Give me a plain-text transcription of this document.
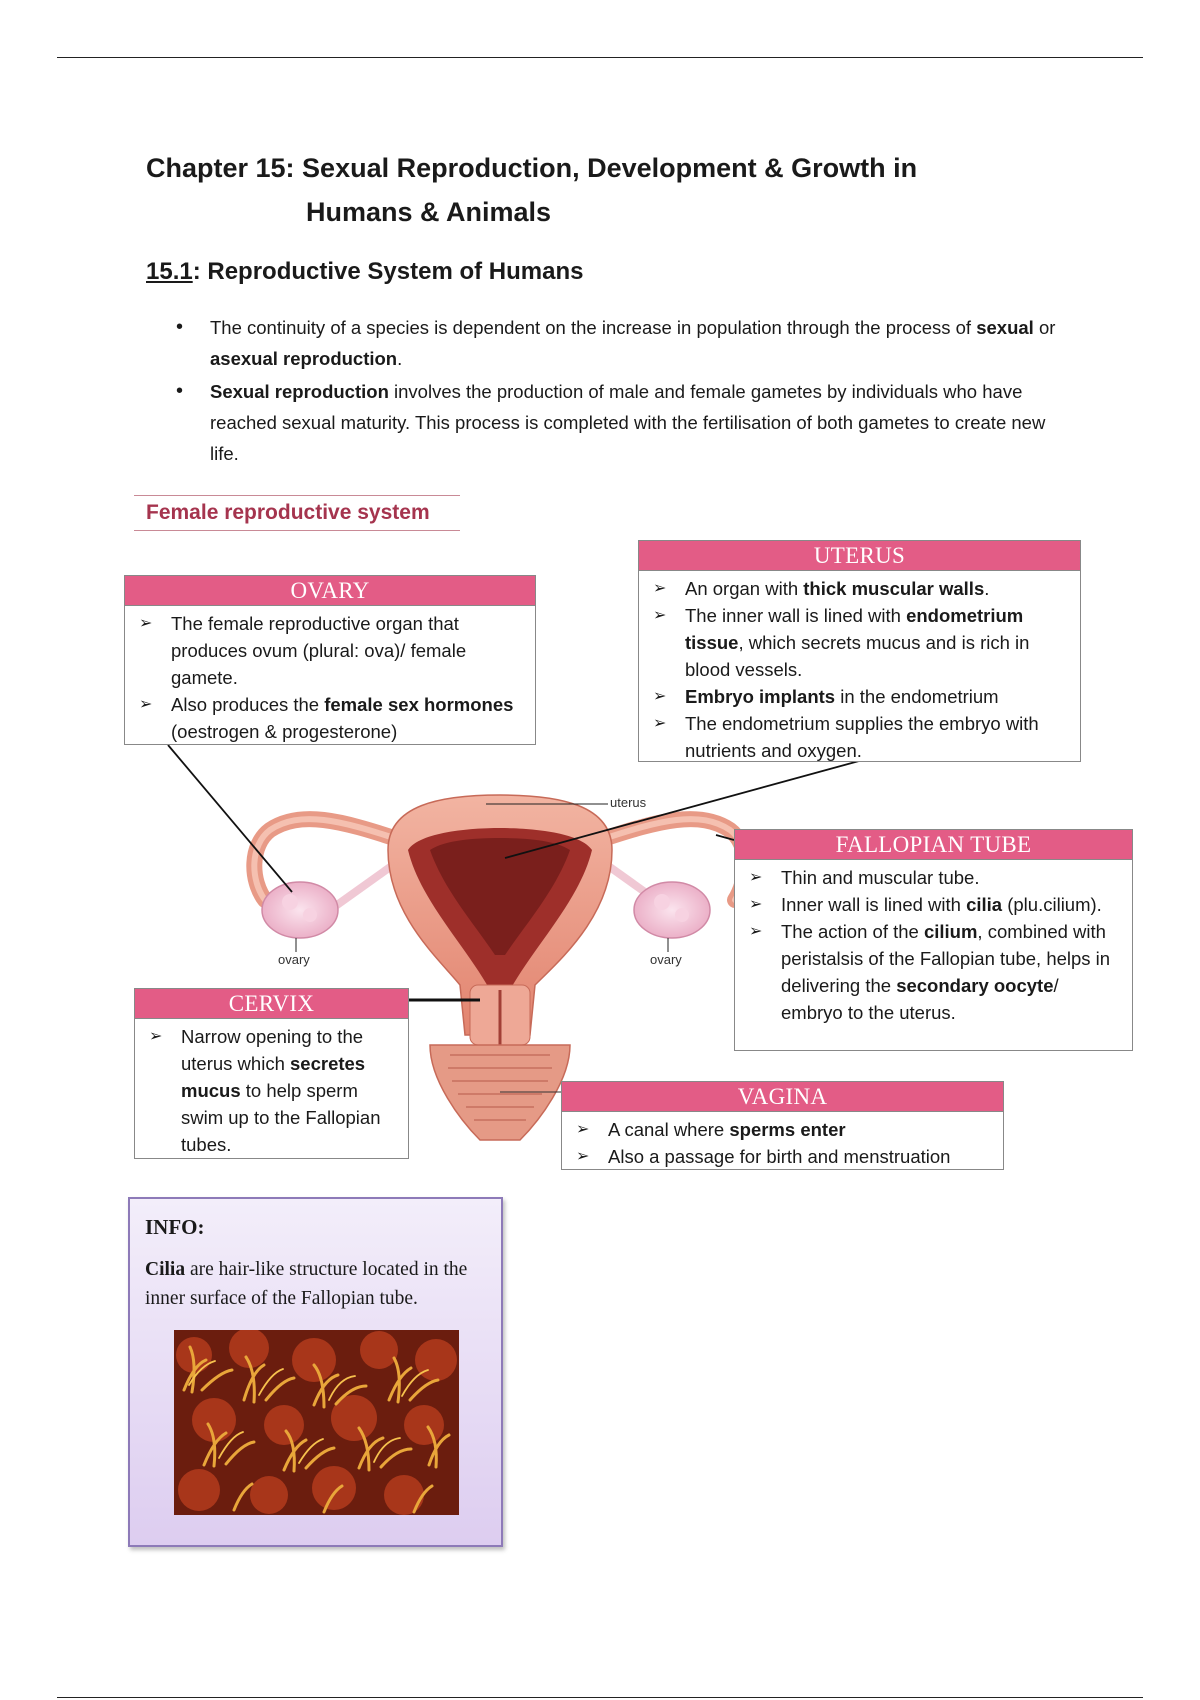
Chapter 15: Sexual Reproduction, Development & Growth in
Humans & Animals
15.1: Reproductive System of Humans
• The continuity of a species is dependent on the increase in population through the process of sexual or asexual reproduction.
• Sexual reproduction involves the production of male and female gametes by individuals who have reached sexual maturity. This process is completed with the fertilisation of both gametes to create new life.
Female reproductive system
uterus
ovary	ovary
OVARY
➢ The female reproductive organ that produces ovum (plural: ova)/ female gamete.
➢ Also produces the female sex hormones (oestrogen & progesterone)
UTERUS
➢ An organ with thick muscular walls.
➢ The inner wall is lined with endometrium tissue, which secrets mucus and is rich in blood vessels.
➢ Embryo implants in the endometrium
➢ The endometrium supplies the embryo with nutrients and oxygen.
FALLOPIAN TUBE
➢ Thin and muscular tube.
➢ Inner wall is lined with cilia (plu.cilium).
➢ The action of the cilium, combined with peristalsis of the Fallopian tube, helps in delivering the secondary oocyte/ embryo to the uterus.
CERVIX
➢ Narrow opening to the uterus which secretes mucus to help sperm swim up to the Fallopian tubes.
VAGINA
➢ A canal where sperms enter
➢ Also a passage for birth and menstruation
INFO:
Cilia are hair-like structure located in the inner surface of the Fallopian tube.
